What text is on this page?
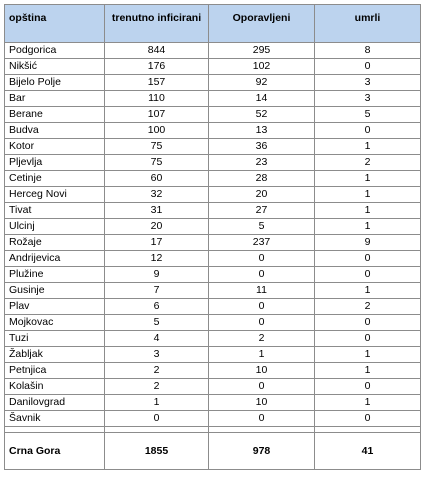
opština	trenutno inficirani	Oporavljeni	umrli
Podgorica	844	295	8
Nikšić	176	102	0
Bijelo Polje	157	92	3
Bar	110	14	3
Berane	107	52	5
Budva	100	13	0
Kotor	75	36	1
Pljevlja	75	23	2
Cetinje	60	28	1
Herceg Novi	32	20	1
Tivat	31	27	1
Ulcinj	20	5	1
Rožaje	17	237	9
Andrijevica	12	0	0
Plužine	9	0	0
Gusinje	7	11	1
Plav	6	0	2
Mojkovac	5	0	0
Tuzi	4	2	0
Žabljak	3	1	1
Petnjica	2	10	1
Kolašin	2	0	0
Danilovgrad	1	10	1
Šavnik	0	0	0

Crna Gora	1855	978	41
